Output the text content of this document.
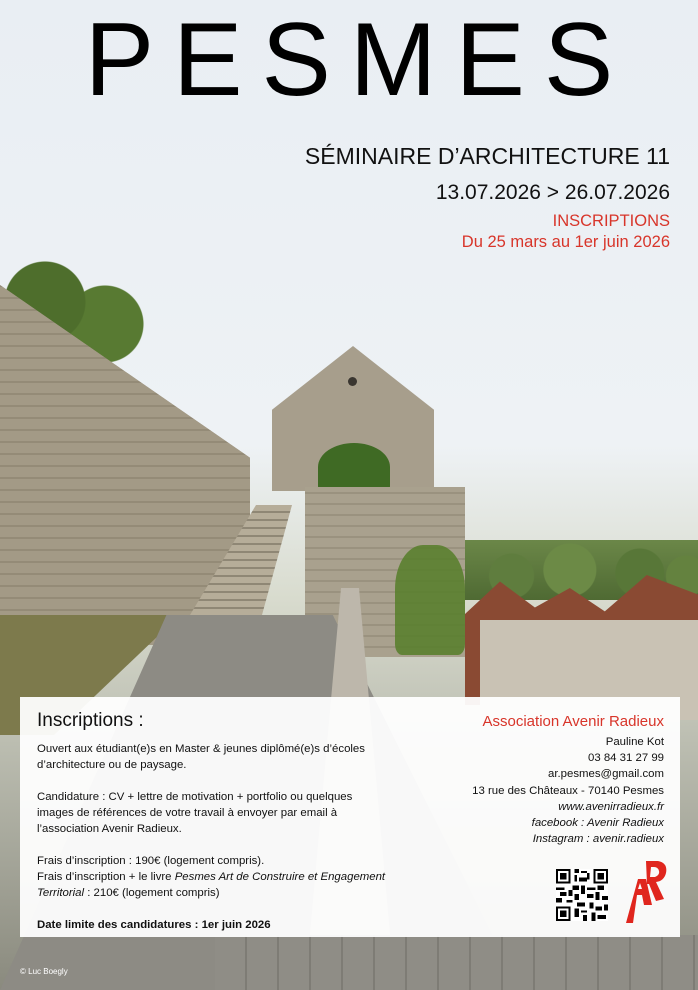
PESMES
SÉMINAIRE D’ARCHITECTURE 11
13.07.2026 > 26.07.2026
INSCRIPTIONS
Du 25 mars au 1er juin 2026
Inscriptions :

Ouvert aux étudiant(e)s en Master & jeunes diplômé(e)s d’écoles d’architecture ou de paysage.

Candidature : CV + lettre de motivation + portfolio ou quelques images de références de votre travail à envoyer par email à l’association Avenir Radieux.

Frais d’inscription : 190€ (logement compris).
Frais d’inscription + le livre Pesmes Art de Construire et Engagement Territorial : 210€ (logement compris)

Date limite des candidatures : 1er juin 2026

Association Avenir Radieux
Pauline Kot
03 84 31 27 99
ar.pesmes@gmail.com
13 rue des Châteaux - 70140 Pesmes
www.avenirradieux.fr
facebook : Avenir Radieux
Instagram : avenir.radieux
© Luc Boegly
